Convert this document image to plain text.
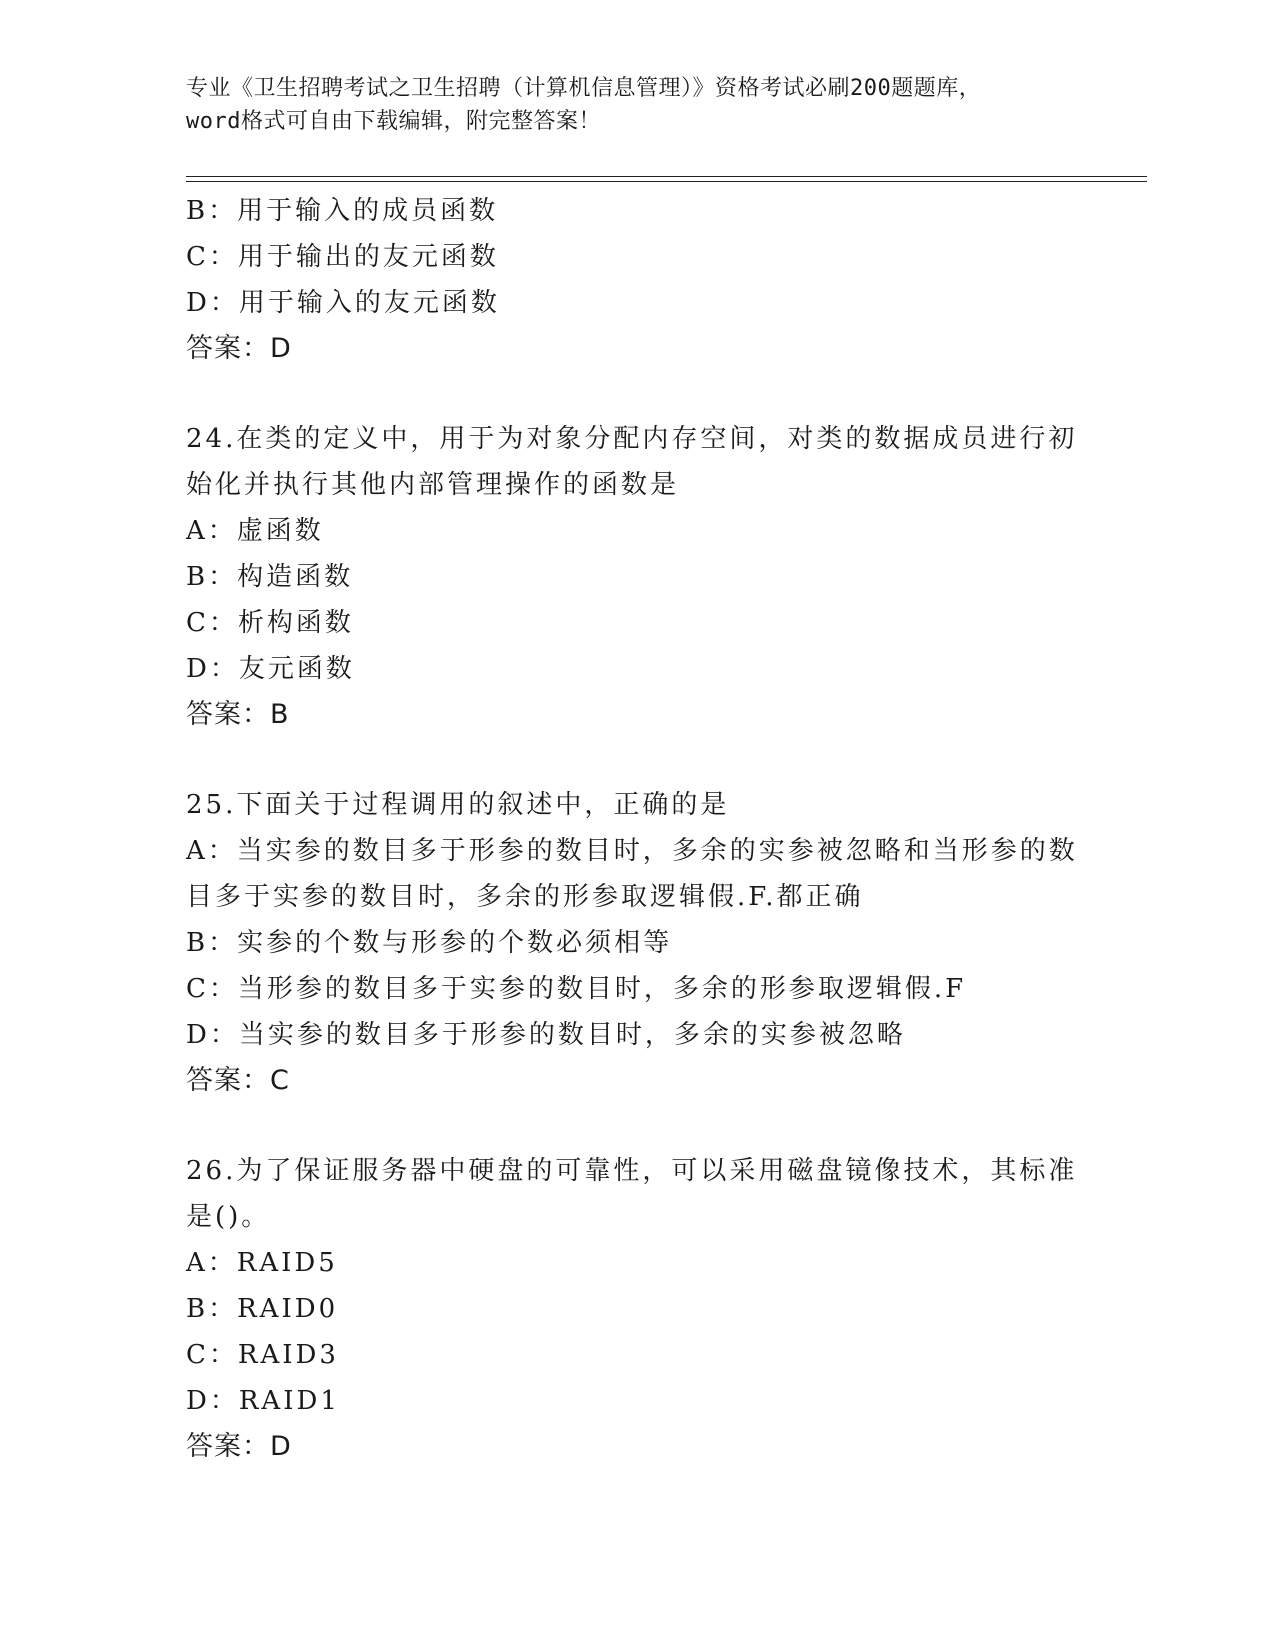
专业《卫生招聘考试之卫生招聘（计算机信息管理）》资格考试必刷200题题库，
word格式可自由下载编辑，附完整答案！
B：用于输入的成员函数
C：用于输出的友元函数
D：用于输入的友元函数
答案：D
24.在类的定义中，用于为对象分配内存空间，对类的数据成员进行初
始化并执行其他内部管理操作的函数是
A：虚函数
B：构造函数
C：析构函数
D：友元函数
答案：B
25.下面关于过程调用的叙述中，正确的是
A：当实参的数目多于形参的数目时，多余的实参被忽略和当形参的数
目多于实参的数目时，多余的形参取逻辑假.F.都正确
B：实参的个数与形参的个数必须相等
C：当形参的数目多于实参的数目时，多余的形参取逻辑假.F
D：当实参的数目多于形参的数目时，多余的实参被忽略
答案：C
26.为了保证服务器中硬盘的可靠性，可以采用磁盘镜像技术，其标准
是()。
A：RAID5
B：RAID0
C：RAID3
D：RAID1
答案：D
